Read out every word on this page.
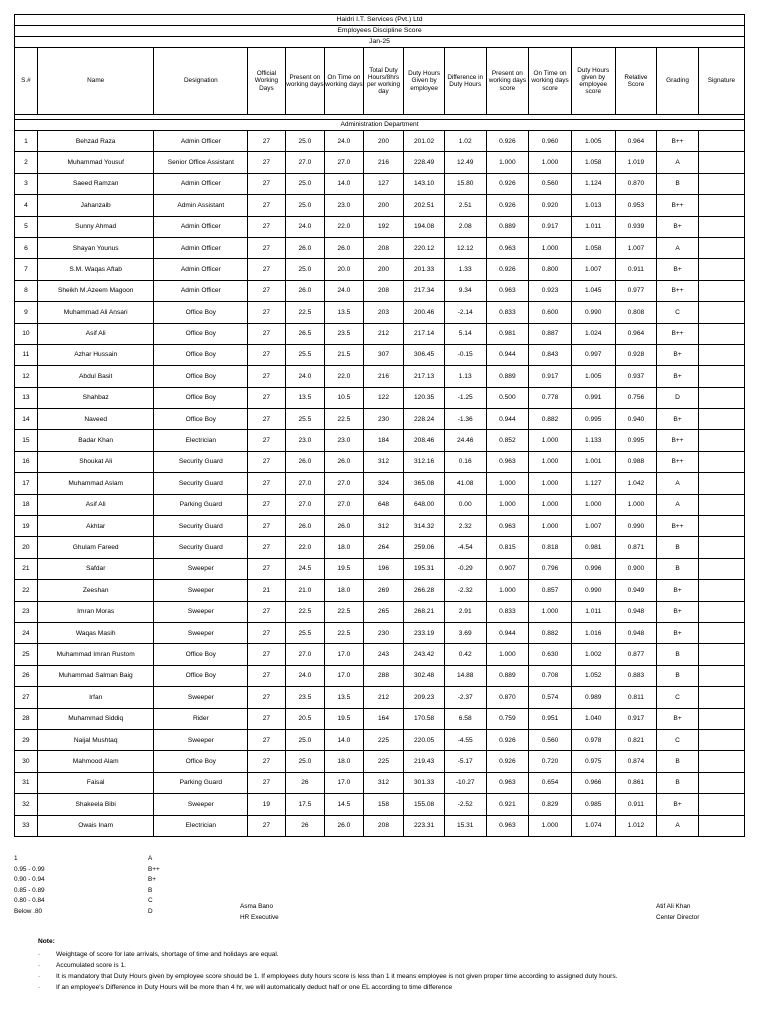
Haidri I.T. Services (Pvt.) Ltd														
Employees Discipline Score														
Jan-25														
S.#	Name	Designation	Official Working Days	Present on working days	On Time on working days	Total Duty Hours/8hrs per working day	Duty Hours Given by employee	Difference in Duty Hours	Present on working days score	On Time on working days score	Duty Hours given by employee score	Relative Score	Grading	Signature

Administration Department														
1	Behzad Raza	Admin Officer	27	25.0	24.0	200	201.02	1.02	0.926	0.960	1.005	0.964	B++	
2	Muhammad Yousuf	Senior Office Assistant	27	27.0	27.0	216	228.49	12.49	1.000	1.000	1.058	1.019	A	
3	Saeed Ramzan	Admin Officer	27	25.0	14.0	127	143.10	15.80	0.926	0.560	1.124	0.870	B	
4	Jahanzaib	Admin Assistant	27	25.0	23.0	200	202.51	2.51	0.926	0.920	1.013	0.953	B++	
5	Sunny Ahmad	Admin Officer	27	24.0	22.0	192	194.08	2.08	0.889	0.917	1.011	0.939	B+	
6	Shayan Younus	Admin Officer	27	26.0	26.0	208	220.12	12.12	0.963	1.000	1.058	1.007	A	
7	S.M. Waqas Aftab	Admin Officer	27	25.0	20.0	200	201.33	1.33	0.926	0.800	1.007	0.911	B+	
8	Sheikh M.Azeem Magoon	Admin Officer	27	26.0	24.0	208	217.34	9.34	0.963	0.923	1.045	0.977	B++	
9	Muhammad Ali Ansari	Office Boy	27	22.5	13.5	203	200.46	-2.14	0.833	0.600	0.990	0.808	C	
10	Asif Ali	Office Boy	27	26.5	23.5	212	217.14	5.14	0.981	0.887	1.024	0.964	B++	
11	Azhar Hussain	Office Boy	27	25.5	21.5	307	306.45	-0.15	0.944	0.843	0.997	0.928	B+	
12	Abdul Basit	Office Boy	27	24.0	22.0	216	217.13	1.13	0.889	0.917	1.005	0.937	B+	
13	Shahbaz	Office Boy	27	13.5	10.5	122	120.35	-1.25	0.500	0.778	0.991	0.756	D	
14	Naveed	Office Boy	27	25.5	22.5	230	228.24	-1.36	0.944	0.882	0.995	0.940	B+	
15	Badar Khan	Electrician	27	23.0	23.0	184	208.46	24.46	0.852	1.000	1.133	0.995	B++	
16	Shoukat Ali	Security Guard	27	26.0	26.0	312	312.16	0.16	0.963	1.000	1.001	0.988	B++	
17	Muhammad Aslam	Security Guard	27	27.0	27.0	324	365.08	41.08	1.000	1.000	1.127	1.042	A	
18	Asif Ali	Parking Guard	27	27.0	27.0	648	648.00	0.00	1.000	1.000	1.000	1.000	A	
19	Akhtar	Security Guard	27	26.0	26.0	312	314.32	2.32	0.963	1.000	1.007	0.990	B++	
20	Ghulam Fareed	Security Guard	27	22.0	18.0	264	259.06	-4.54	0.815	0.818	0.981	0.871	B	
21	Safdar	Sweeper	27	24.5	19.5	196	195.31	-0.29	0.907	0.796	0.996	0.900	B	
22	Zeeshan	Sweeper	21	21.0	18.0	269	266.28	-2.32	1.000	0.857	0.990	0.949	B+	
23	Imran Moras	Sweeper	27	22.5	22.5	265	268.21	2.91	0.833	1.000	1.011	0.948	B+	
24	Waqas Masih	Sweeper	27	25.5	22.5	230	233.19	3.69	0.944	0.882	1.016	0.948	B+	
25	Muhammad Imran Rustom	Office Boy	27	27.0	17.0	243	243.42	0.42	1.000	0.630	1.002	0.877	B	
26	Muhammad Salman Baig	Office Boy	27	24.0	17.0	288	302.48	14.88	0.889	0.708	1.052	0.883	B	
27	Irfan	Sweeper	27	23.5	13.5	212	209.23	-2.37	0.870	0.574	0.989	0.811	C	
28	Muhammad Siddiq	Rider	27	20.5	19.5	164	170.58	6.58	0.759	0.951	1.040	0.917	B+	
29	Naijal Mushtaq	Sweeper	27	25.0	14.0	225	220.05	-4.55	0.926	0.560	0.978	0.821	C	
30	Mahmood Alam	Office Boy	27	25.0	18.0	225	219.43	-5.17	0.926	0.720	0.975	0.874	B	
31	Faisal	Parking Guard	27	26	17.0	312	301.33	-10.27	0.963	0.654	0.966	0.861	B	
32	Shakeela Bibi	Sweeper	19	17.5	14.5	158	155.08	-2.52	0.921	0.829	0.985	0.911	B+	
33	Owais Inam	Electrician	27	26	26.0	208	223.31	15.31	0.963	1.000	1.074	1.012	A	
1	A
0.95 - 0.99	B++
0.90 - 0.94	B+
0.85 - 0.89	B
0.80 - 0.84	C
Below .80	D
Asma Bano
HR Executive
Atif Ali Khan
Center Director
Note:
· Weightage of score for late arrivals, shortage of time and holidays are equal.
· Accumulated score is 1.
· It is mandatory that Duty Hours given by employee score should be 1. If employees duty hours score is less than 1 it means employee is not given proper time according to assigned duty hours.
· If an employee's Difference in Duty Hours will be more than 4 hr, we will automatically deduct half or one EL according to time difference
